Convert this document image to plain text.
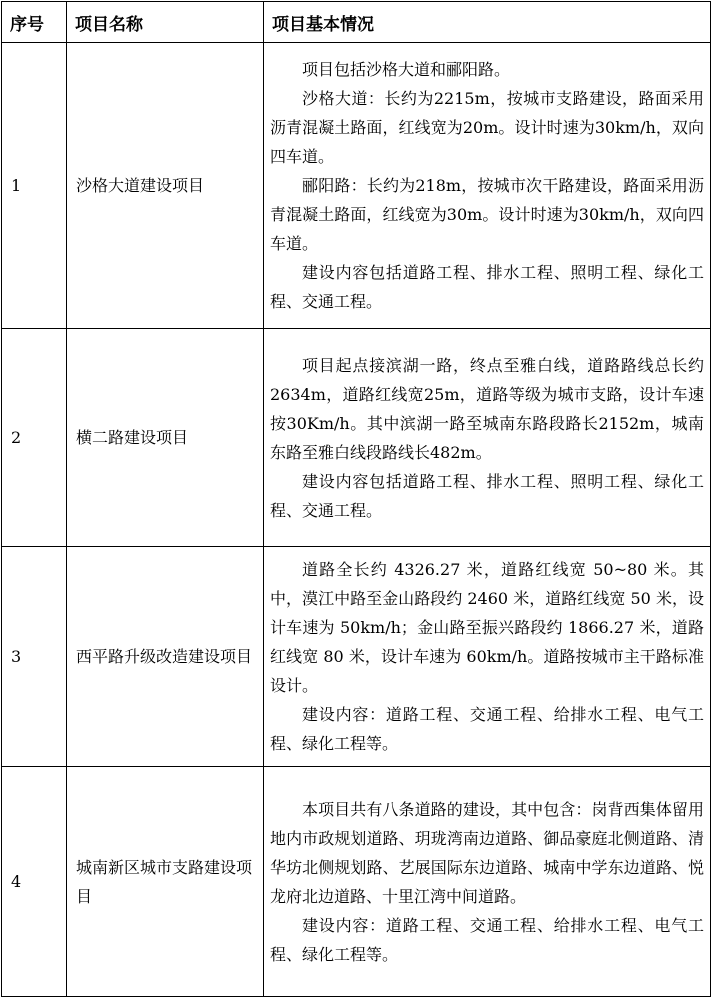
序号	项目名称	项目基本情况
1	沙格大道建设项目	项目包括沙格大道和郦阳路。

沙格大道：长约为2215m，按城市支路建设，路面采用沥青混凝土路面，红线宽为20m。设计时速为30km/h，双向四车道。

郦阳路：长约为218m，按城市次干路建设，路面采用沥青混凝土路面，红线宽为30m。设计时速为30km/h，双向四车道。

建设内容包括道路工程、排水工程、照明工程、绿化工程、交通工程。

2	横二路建设项目	项目起点接滨湖一路，终点至雅白线，道路路线总长约2634m，道路红线宽25m，道路等级为城市支路，设计车速按30Km/h。其中滨湖一路至城南东路段路长2152m，城南东路至雅白线段路线长482m。

建设内容包括道路工程、排水工程、照明工程、绿化工程、交通工程。

3	西平路升级改造建设项目	道路全长约 4326.27 米，道路红线宽 50~80 米。其中，漠江中路至金山路段约 2460 米，道路红线宽 50 米，设计车速为 50km/h；金山路至振兴路段约 1866.27 米，道路红线宽 80 米，设计车速为 60km/h。道路按城市主干路标准设计。

建设内容：道路工程、交通工程、给排水工程、电气工程、绿化工程等。

4	城南新区城市支路建设项目	本项目共有八条道路的建设，其中包含：岗背西集体留用地内市政规划道路、玥珑湾南边道路、御品豪庭北侧道路、清华坊北侧规划路、艺展国际东边道路、城南中学东边道路、悦龙府北边道路、十里江湾中间道路。

建设内容：道路工程、交通工程、给排水工程、电气工程、绿化工程等。
